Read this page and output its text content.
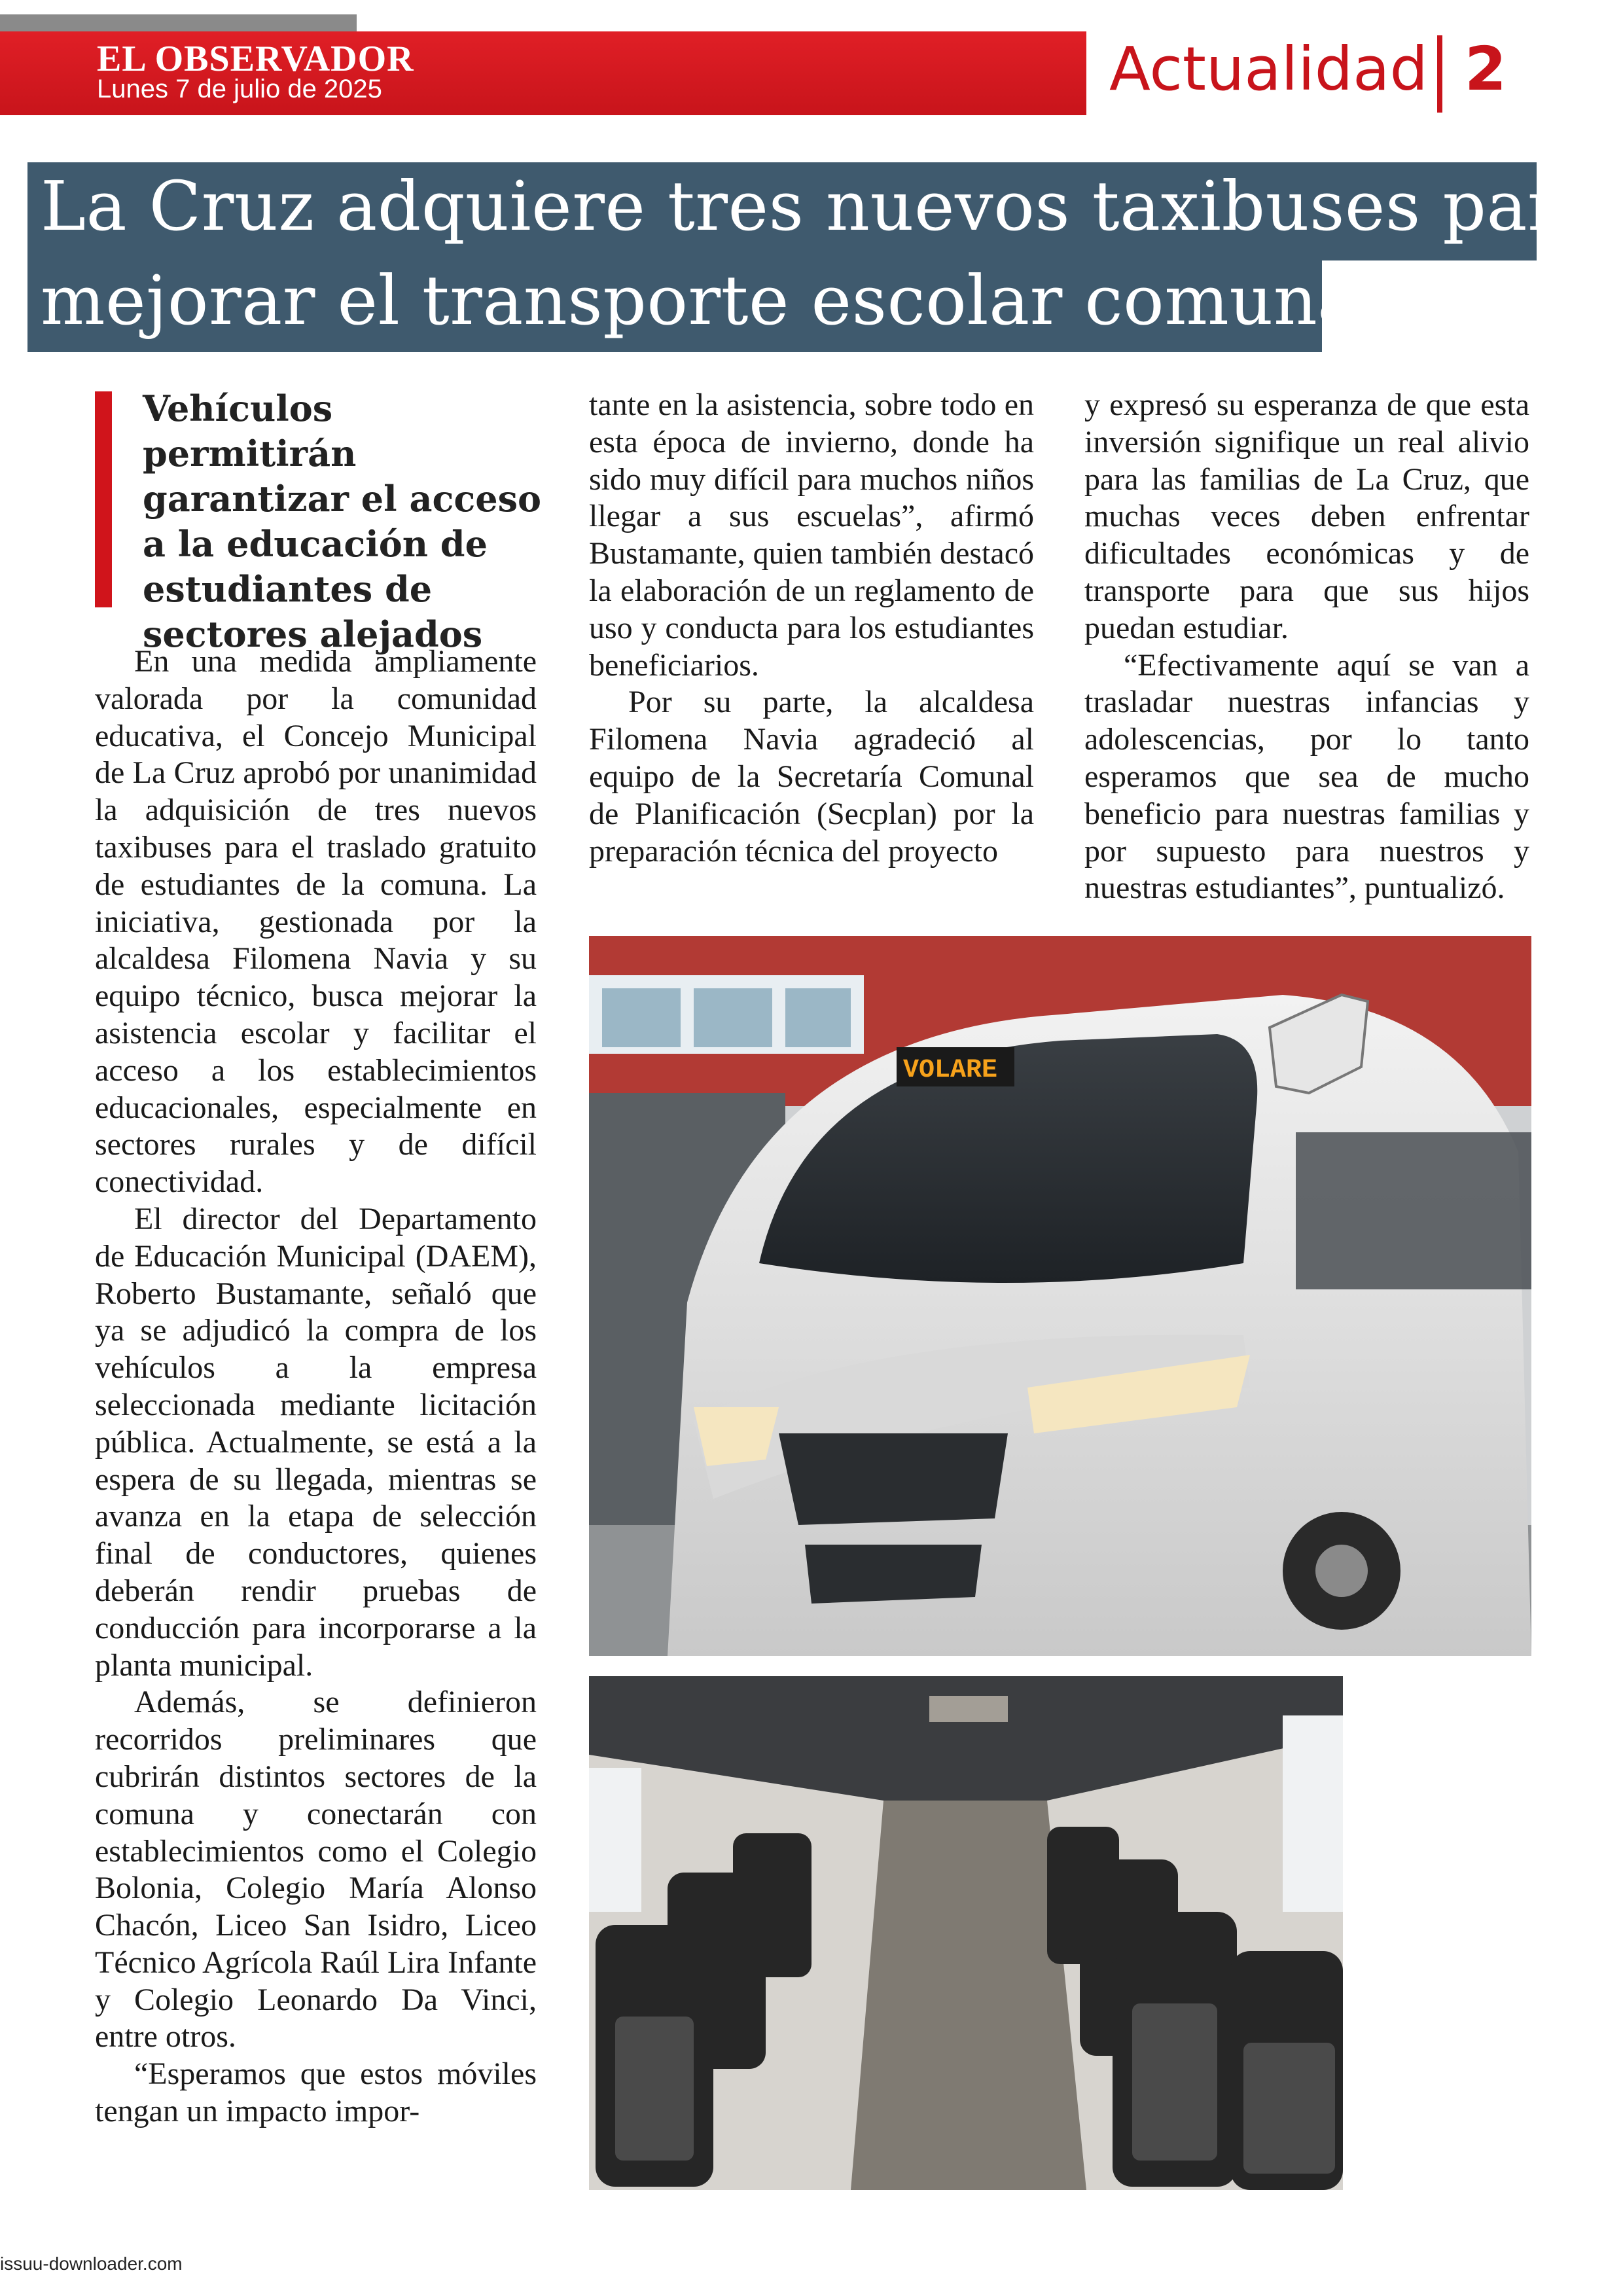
EL OBSERVADOR
Lunes 7 de julio de 2025	Actualidad 2
La Cruz adquiere tres nuevos taxibuses para
mejorar el transporte escolar comunal
Vehículos permitirán garantizar el acceso a la educación de estudiantes de sectores alejados

En una medida ampliamente valorada por la comunidad educativa, el Concejo Municipal de La Cruz aprobó por unanimidad la adquisición de tres nuevos taxibuses para el traslado gratuito de estudiantes de la comuna. La iniciativa, gestionada por la alcaldesa Filomena Navia y su equipo técnico, busca mejorar la asistencia escolar y facilitar el acceso a los establecimientos educacionales, especialmente en sectores rurales y de difícil conectividad.

El director del Departamento de Educación Municipal (DAEM), Roberto Bustamante, señaló que ya se adjudicó la compra de los vehículos a la empresa seleccionada mediante licitación pública. Actualmente, se está a la espera de su llegada, mientras se avanza en la etapa de selección final de conductores, quienes deberán rendir pruebas de conducción para incorporarse a la planta municipal.

Además, se definieron recorridos preliminares que cubrirán distintos sectores de la comuna y conectarán con establecimientos como el Colegio Bolonia, Colegio María Alonso Chacón, Liceo San Isidro, Liceo Técnico Agrícola Raúl Lira Infante y Colegio Leonardo Da Vinci, entre otros.

“Esperamos que estos móviles tengan un impacto impor-

tante en la asistencia, sobre todo en esta época de invierno, donde ha sido muy difícil para muchos niños llegar a sus escuelas”, afirmó Bustamante, quien también destacó la elaboración de un reglamento de uso y conducta para los estudiantes beneficiarios.

Por su parte, la alcaldesa Filomena Navia agradeció al equipo de la Secretaría Comunal de Planificación (Secplan) por la preparación técnica del proyecto

y expresó su esperanza de que esta inversión signifique un real alivio para las familias de La Cruz, que muchas veces deben enfrentar dificultades económicas y de transporte para que sus hijos puedan estudiar.

“Efectivamente aquí se van a trasladar nuestras infancias y adolescencias, por lo tanto esperamos que sea de mucho beneficio para nuestras familias y por supuesto para nuestros y nuestras estudiantes”, puntualizó.

VOLARE
issuu-downloader.com
